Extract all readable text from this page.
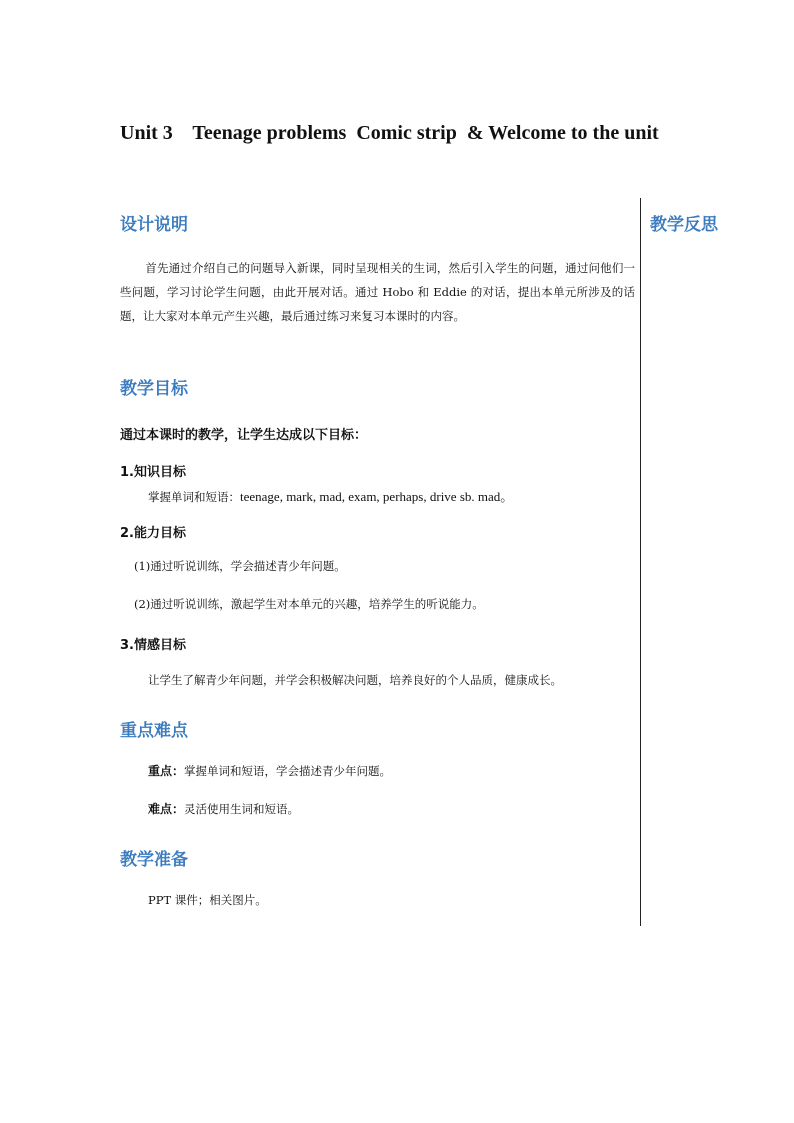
Unit 3    Teenage problems  Comic strip  & Welcome to the unit
教学反思
设计说明

首先通过介绍自己的问题导入新课，同时呈现相关的生词，然后引入学生的问题，通过问他们一些问题，学习讨论学生问题，由此开展对话。通过 Hobo 和 Eddie 的对话，提出本单元所涉及的话题，让大家对本单元产生兴趣，最后通过练习来复习本课时的内容。

教学目标

通过本课时的教学，让学生达成以下目标：

1.知识目标

掌握单词和短语：teenage, mark, mad, exam, perhaps, drive sb. mad。

2.能力目标

(1)通过听说训练，学会描述青少年问题。

(2)通过听说训练，激起学生对本单元的兴趣，培养学生的听说能力。

3.情感目标

让学生了解青少年问题，并学会积极解决问题，培养良好的个人品质，健康成长。

重点难点

重点：掌握单词和短语，学会描述青少年问题。

难点：灵活使用生词和短语。

教学准备

PPT 课件；相关图片。
